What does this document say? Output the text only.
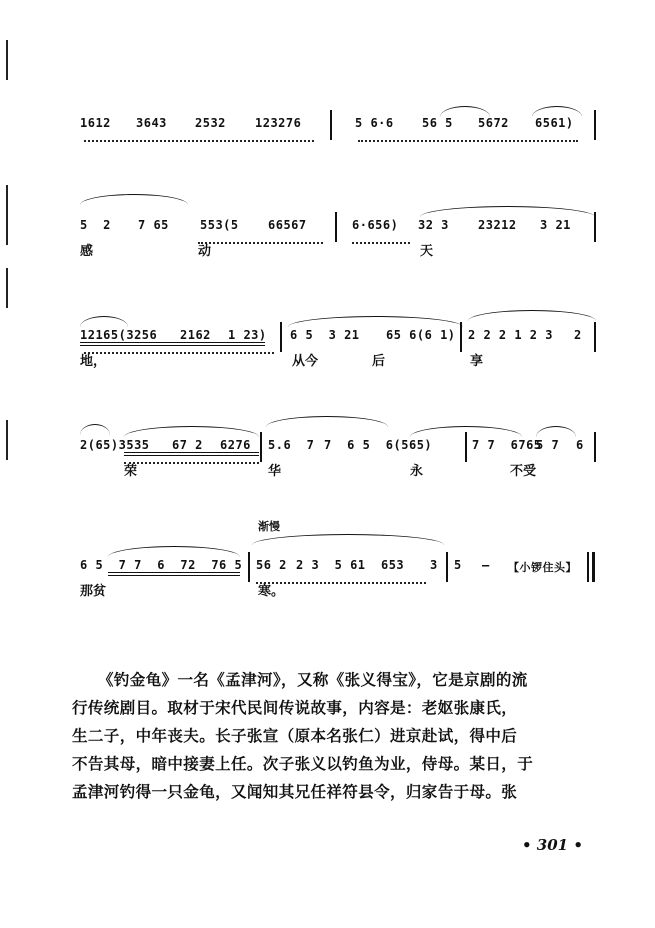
1612 3643 2532 123276	5 6·6 56 5 5672 6561)
5  2 7 65	553(5 66567	6·656) 32 3 23212 3 21
感	动	天
12165(3256 2162 1 23) 6 5  3 21 65 6(6 1) 2 2 2 1 2 3 2
地，	从今	后	享
2(65)3535 67 2 6276 5.6  7 7  6 5  6(565)	7 7  6765
5 7 6
荣	华	永	不受
渐慢
6 5  7 7  6  72  76 5 56 2 2 3  5 61  653 3 5 – 【小锣住头】
那贫	寒。

《钓金龟》一名《孟津河》，又称《张义得宝》，它是京剧的流

行传统剧目。取材于宋代民间传说故事，内容是：老妪张康氏，

生二子，中年丧夫。长子张宣（原本名张仁）进京赴试，得中后

不告其母，暗中接妻上任。次子张义以钓鱼为业，侍母。某日，于

孟津河钓得一只金龟，又闻知其兄任祥符县令，归家告于母。张

• 301 •
